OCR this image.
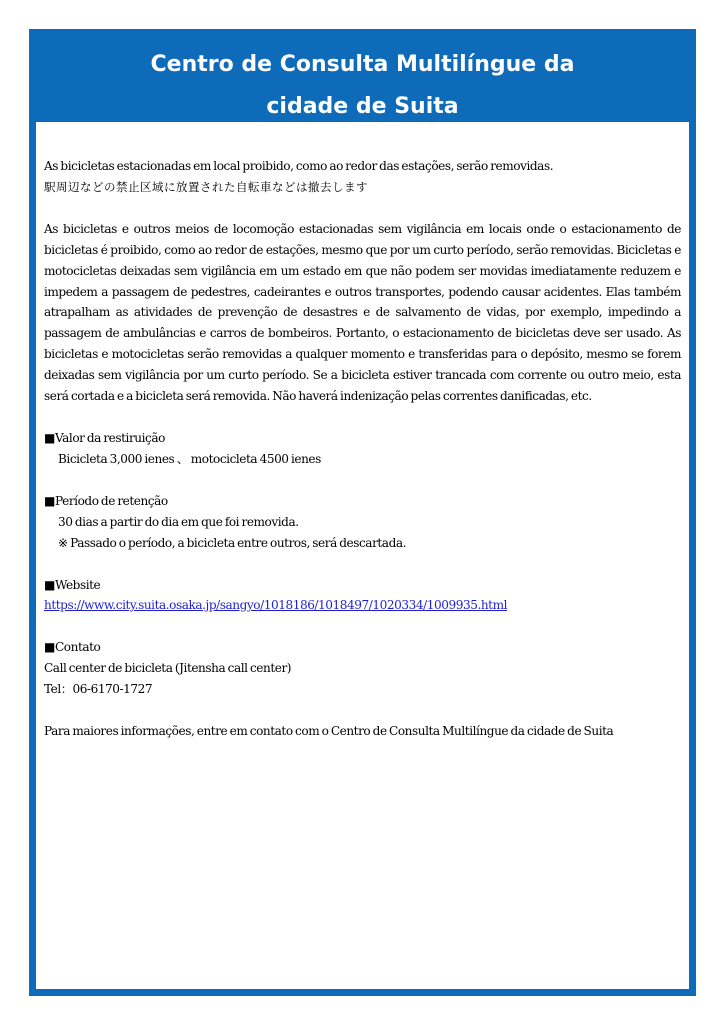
Centro de Consulta Multilíngue da
cidade de Suita

As bicicletas estacionadas em local proibido, como ao redor das estações, serão removidas.

駅周辺などの禁止区域に放置された自転車などは撤去します

As bicicletas e outros meios de locomoção estacionadas sem vigilância em locais onde o estacionamento de bicicletas é proibido, como ao redor de estações, mesmo que por um curto período, serão removidas. Bicicletas e motocicletas deixadas sem vigilância em um estado em que não podem ser movidas imediatamente reduzem e impedem a passagem de pedestres, cadeirantes e outros transportes, podendo causar acidentes. Elas também atrapalham as atividades de prevenção de desastres e de salvamento de vidas, por exemplo, impedindo a passagem de ambulâncias e carros de bombeiros. Portanto, o estacionamento de bicicletas deve ser usado. As bicicletas e motocicletas serão removidas a qualquer momento e transferidas para o depósito, mesmo se forem deixadas sem vigilância por um curto período. Se a bicicleta estiver trancada com corrente ou outro meio, esta será cortada e a bicicleta será removida. Não haverá indenização pelas correntes danificadas, etc.

■Valor da restiruição

Bicicleta 3,000 ienes 、 motocicleta 4500 ienes

■Período de retenção

30 dias a partir do dia em que foi removida.

※ Passado o período, a bicicleta entre outros, será descartada.

■Website

https://www.city.suita.osaka.jp/sangyo/1018186/1018497/1020334/1009935.html

■Contato

Call center de bicicleta (Jitensha call center)

Tel：06-6170-1727

Para maiores informações, entre em contato com o Centro de Consulta Multilíngue da cidade de Suita
